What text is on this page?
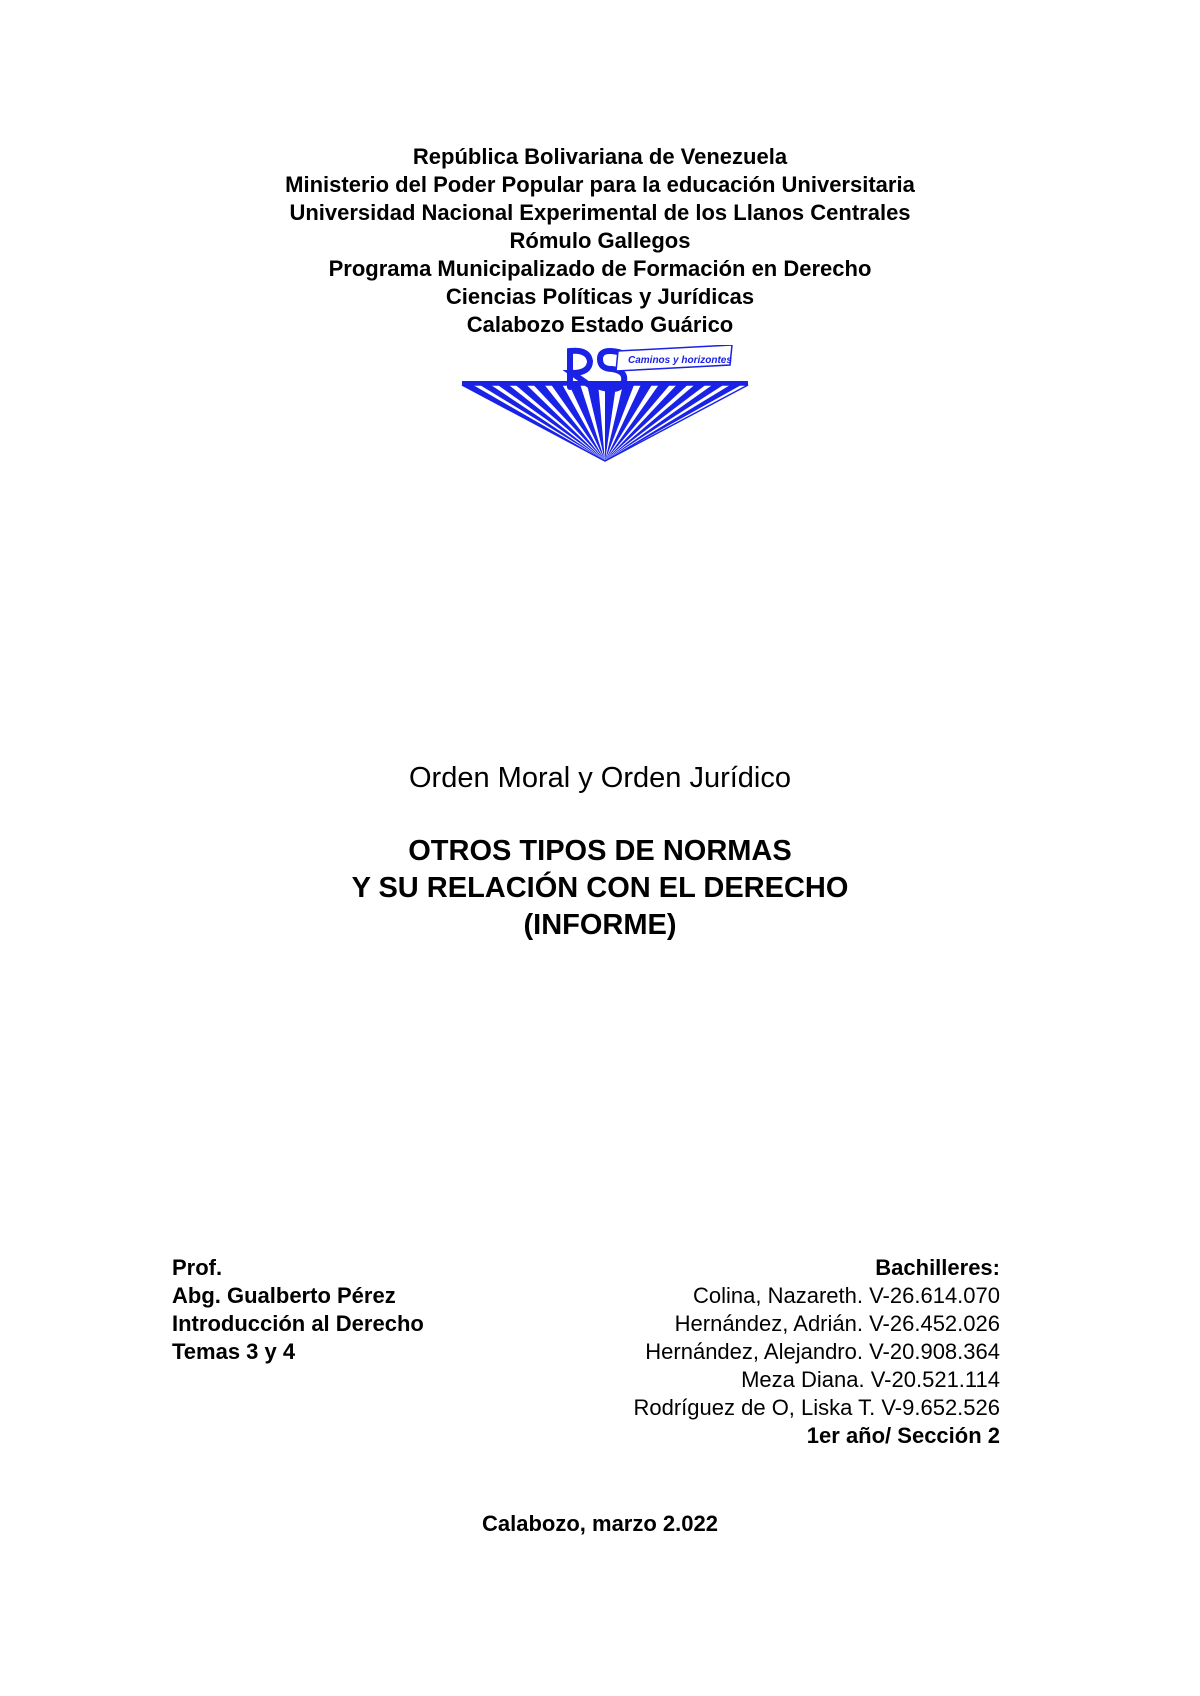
República Bolivariana de Venezuela
Ministerio del Poder Popular para la educación Universitaria
Universidad Nacional Experimental de los Llanos Centrales
Rómulo Gallegos
Programa Municipalizado de Formación en Derecho
Ciencias Políticas y Jurídicas
Calabozo Estado Guárico
Caminos y horizontes
Orden Moral y Orden Jurídico
OTROS TIPOS DE NORMAS
Y SU RELACIÓN CON EL DERECHO
(INFORME)
Prof.
Abg. Gualberto Pérez
Introducción al Derecho
Temas 3 y 4
Bachilleres:
Colina, Nazareth. V-26.614.070
Hernández, Adrián. V-26.452.026
Hernández, Alejandro. V-20.908.364
Meza Diana. V-20.521.114
Rodríguez de O, Liska T. V-9.652.526
1er año/ Sección 2
Calabozo, marzo 2.022
